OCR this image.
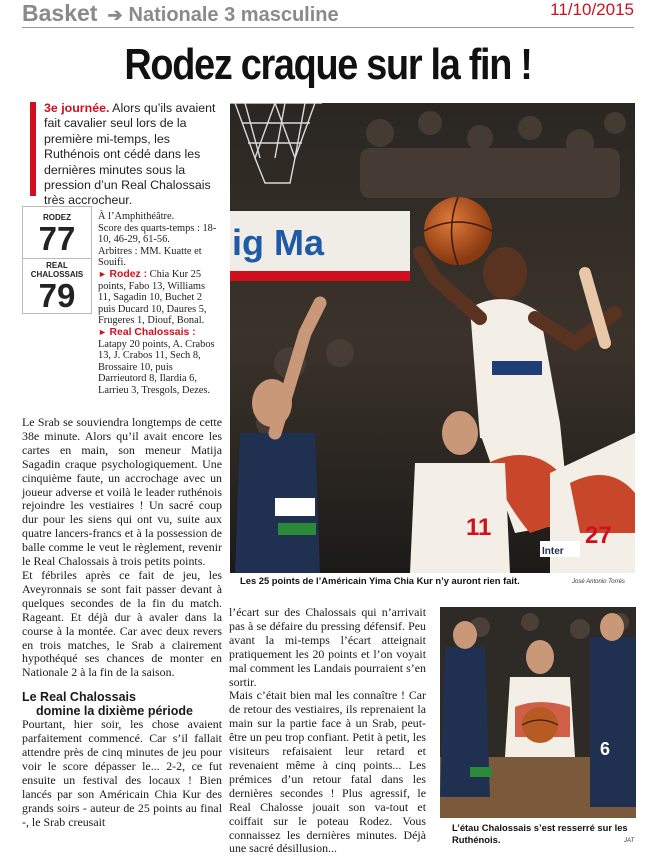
Basket ➔ Nationale 3 masculine	11/10/2015
Rodez craque sur la fin !
3e journée. Alors qu’ils avaient fait cavalier seul lors de la première mi-temps, les Ruthénois ont cédé dans les dernières minutes sous la pression d’un Real Chalossais très accrocheur.
RODEZ
77
REAL CHALOSSAIS
79

À l’Amphithéâtre.

Score des quarts-temps : 18-10, 46-29, 61-56.

Arbitres : MM. Kuatte et Souifi.

► Rodez : Chia Kur 25 points, Fabo 13, Williams 11, Sagadin 10, Buchet 2 puis Ducard 10, Daures 5, Frugeres 1, Diouf, Bonal.

► Real Chalossais : Latapy 20 points, A. Crabos 13, J. Crabos 11, Sech 8, Brossaire 10, puis Darrieutord 8, Ilardia 6, Larrieu 3, Tresgols, Dezes.

ig Ma
11	27
Inter
Les 25 points de l’Américain Yima Chia Kur n’y auront rien fait.	José Antonio Torrès
6
L’étau Chalossais s’est resserré sur les Ruthénois.	JAT

Le Srab se souviendra longtemps de cette 38e minute. Alors qu’il avait encore les cartes en main, son meneur Matija Sagadin craque psychologiquement. Une cinquième faute, un accrochage avec un joueur adverse et voilà le leader ruthénois rejoindre les vestiaires ! Un sacré coup dur pour les siens qui ont vu, suite aux quatre lancers-francs et à la possession de balle comme le veut le règlement, revenir le Real Chalossais à trois petits points.

Et fébriles après ce fait de jeu, les Aveyronnais se sont fait passer devant à quelques secondes de la fin du match. Rageant. Et déjà dur à avaler dans la course à la montée. Car avec deux revers en trois matches, le Srab a clairement hypothéqué ses chances de monter en Nationale 2 à la fin de la saison.

Le Real Chalossais
domine la dixième période

Pourtant, hier soir, les chose avaient parfaitement commencé. Car s’il fallait attendre près de cinq minutes de jeu pour voir le score dépasser le... 2-2, ce fut ensuite un festival des locaux ! Bien lancés par son Américain Chia Kur des grands soirs - auteur de 25 points au final -, le Srab creusait

l’écart sur des Chalossais qui n’arrivait pas à se défaire du pressing défensif. Peu avant la mi-temps l’écart atteignait pratiquement les 20 points et l’on voyait mal comment les Landais pourraient s’en sortir.

Mais c’était bien mal les connaître ! Car de retour des vestiaires, ils reprenaient la main sur la partie face à un Srab, peut-être un peu trop confiant. Petit à petit, les visiteurs refaisaient leur retard et revenaient même à cinq points... Les prémices d’un retour fatal dans les dernières secondes ! Plus agressif, le Real Chalosse jouait son va-tout et coiffait sur le poteau Rodez. Vous connaissez les dernières minutes. Déjà une sacré désillusion...
